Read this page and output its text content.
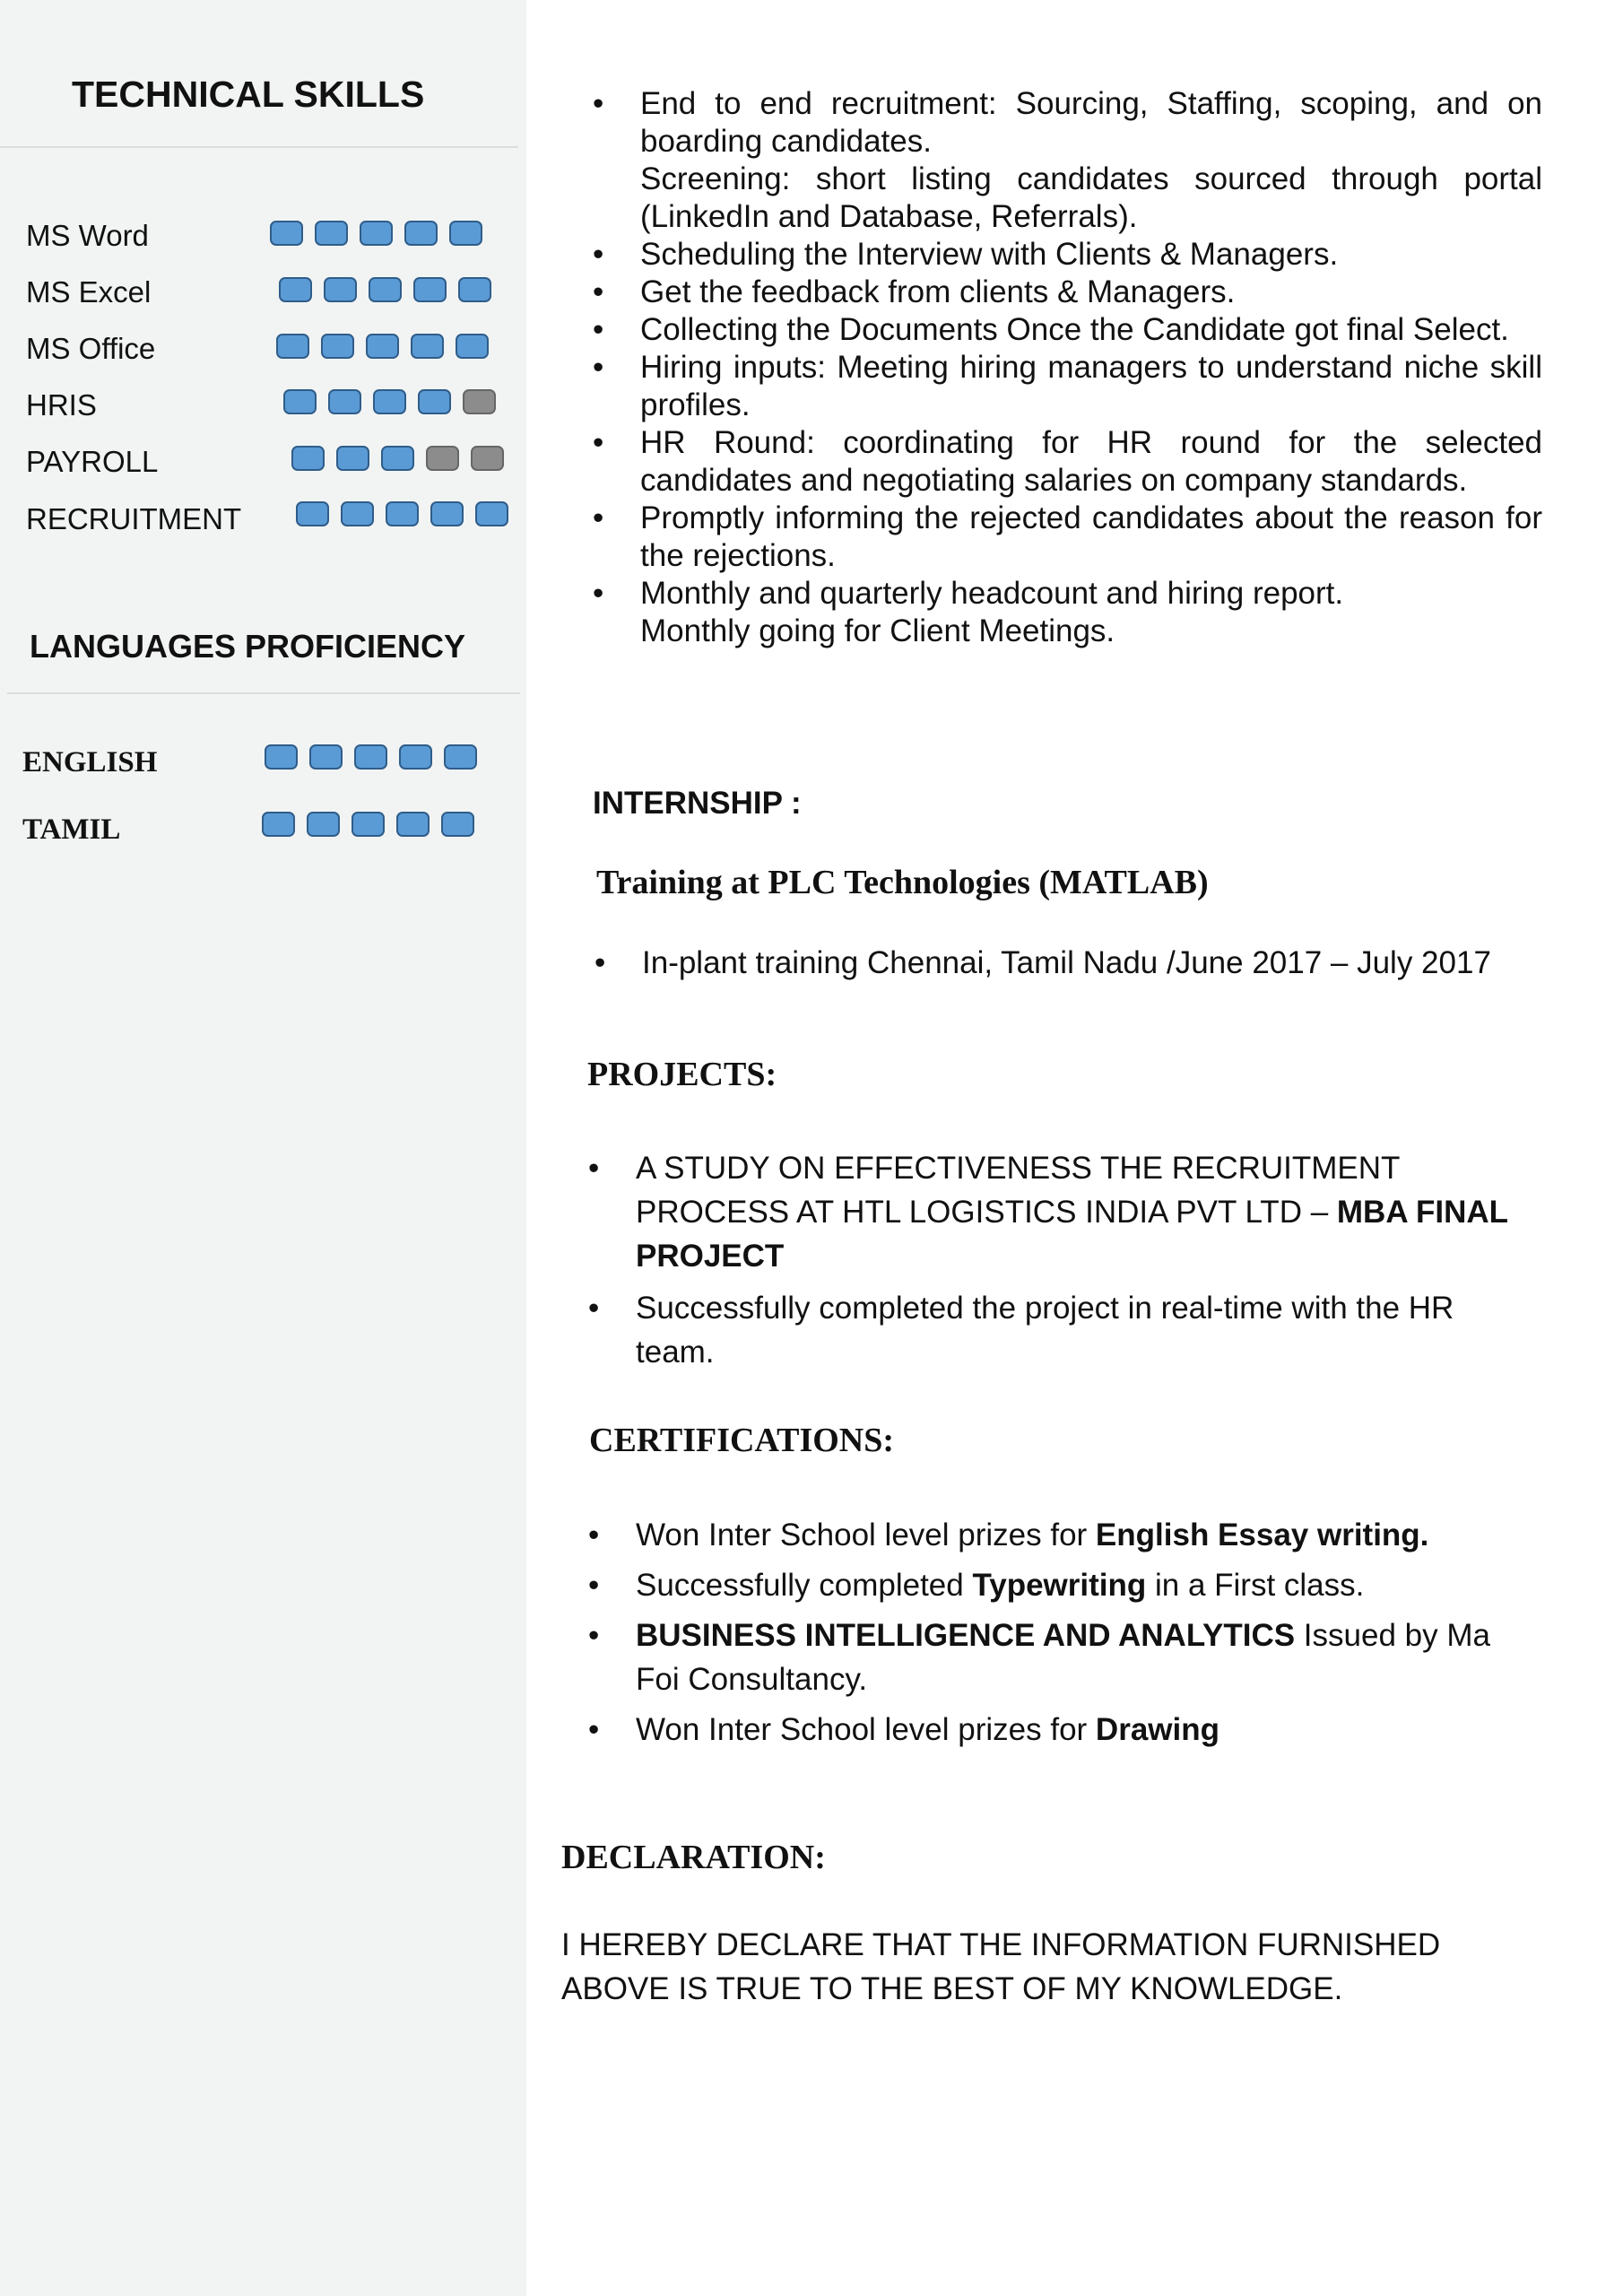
TECHNICAL SKILLS
MS Word
MS Excel
MS Office
HRIS
PAYROLL
RECRUITMENT
LANGUAGES PROFICIENCY
ENGLISH
TAMIL
• End to end recruitment: Sourcing, Staffing, scoping, and on boarding candidates.
Screening: short listing candidates sourced through portal (LinkedIn and Database, Referrals).
• Scheduling the Interview with Clients & Managers.
• Get the feedback from clients & Managers.
• Collecting the Documents Once the Candidate got final Select.
• Hiring inputs: Meeting hiring managers to understand niche skill profiles.
• HR Round: coordinating for HR round for the selected candidates and negotiating salaries on company standards.
• Promptly informing the rejected candidates about the reason for the rejections.
• Monthly and quarterly headcount and hiring report.
Monthly going for Client Meetings.
INTERNSHIP :
Training at PLC Technologies (MATLAB)
• In-plant training Chennai, Tamil Nadu /June 2017 – July 2017
PROJECTS:
• A STUDY ON EFFECTIVENESS THE RECRUITMENT PROCESS AT HTL LOGISTICS INDIA PVT LTD – MBA FINAL PROJECT
• Successfully completed the project in real-time with the HR team.
CERTIFICATIONS:
• Won Inter School level prizes for English Essay writing.
• Successfully completed Typewriting in a First class.
• BUSINESS INTELLIGENCE AND ANALYTICS Issued by Ma Foi Consultancy.
• Won Inter School level prizes for Drawing
DECLARATION:

I HEREBY DECLARE THAT THE INFORMATION FURNISHED ABOVE IS TRUE TO THE BEST OF MY KNOWLEDGE.
